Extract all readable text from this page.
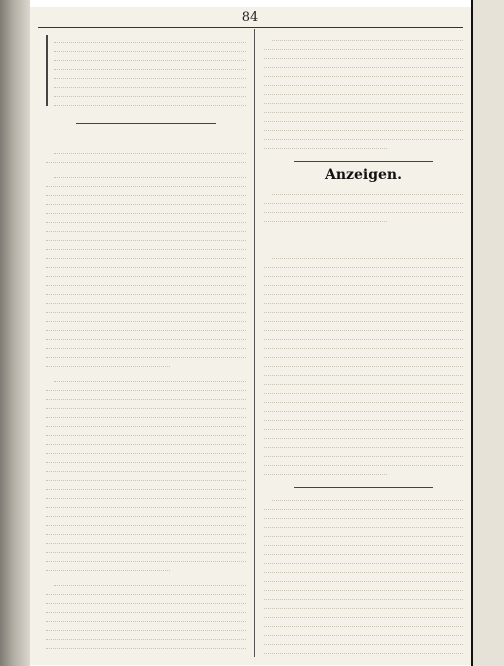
84
Anzeigen.
